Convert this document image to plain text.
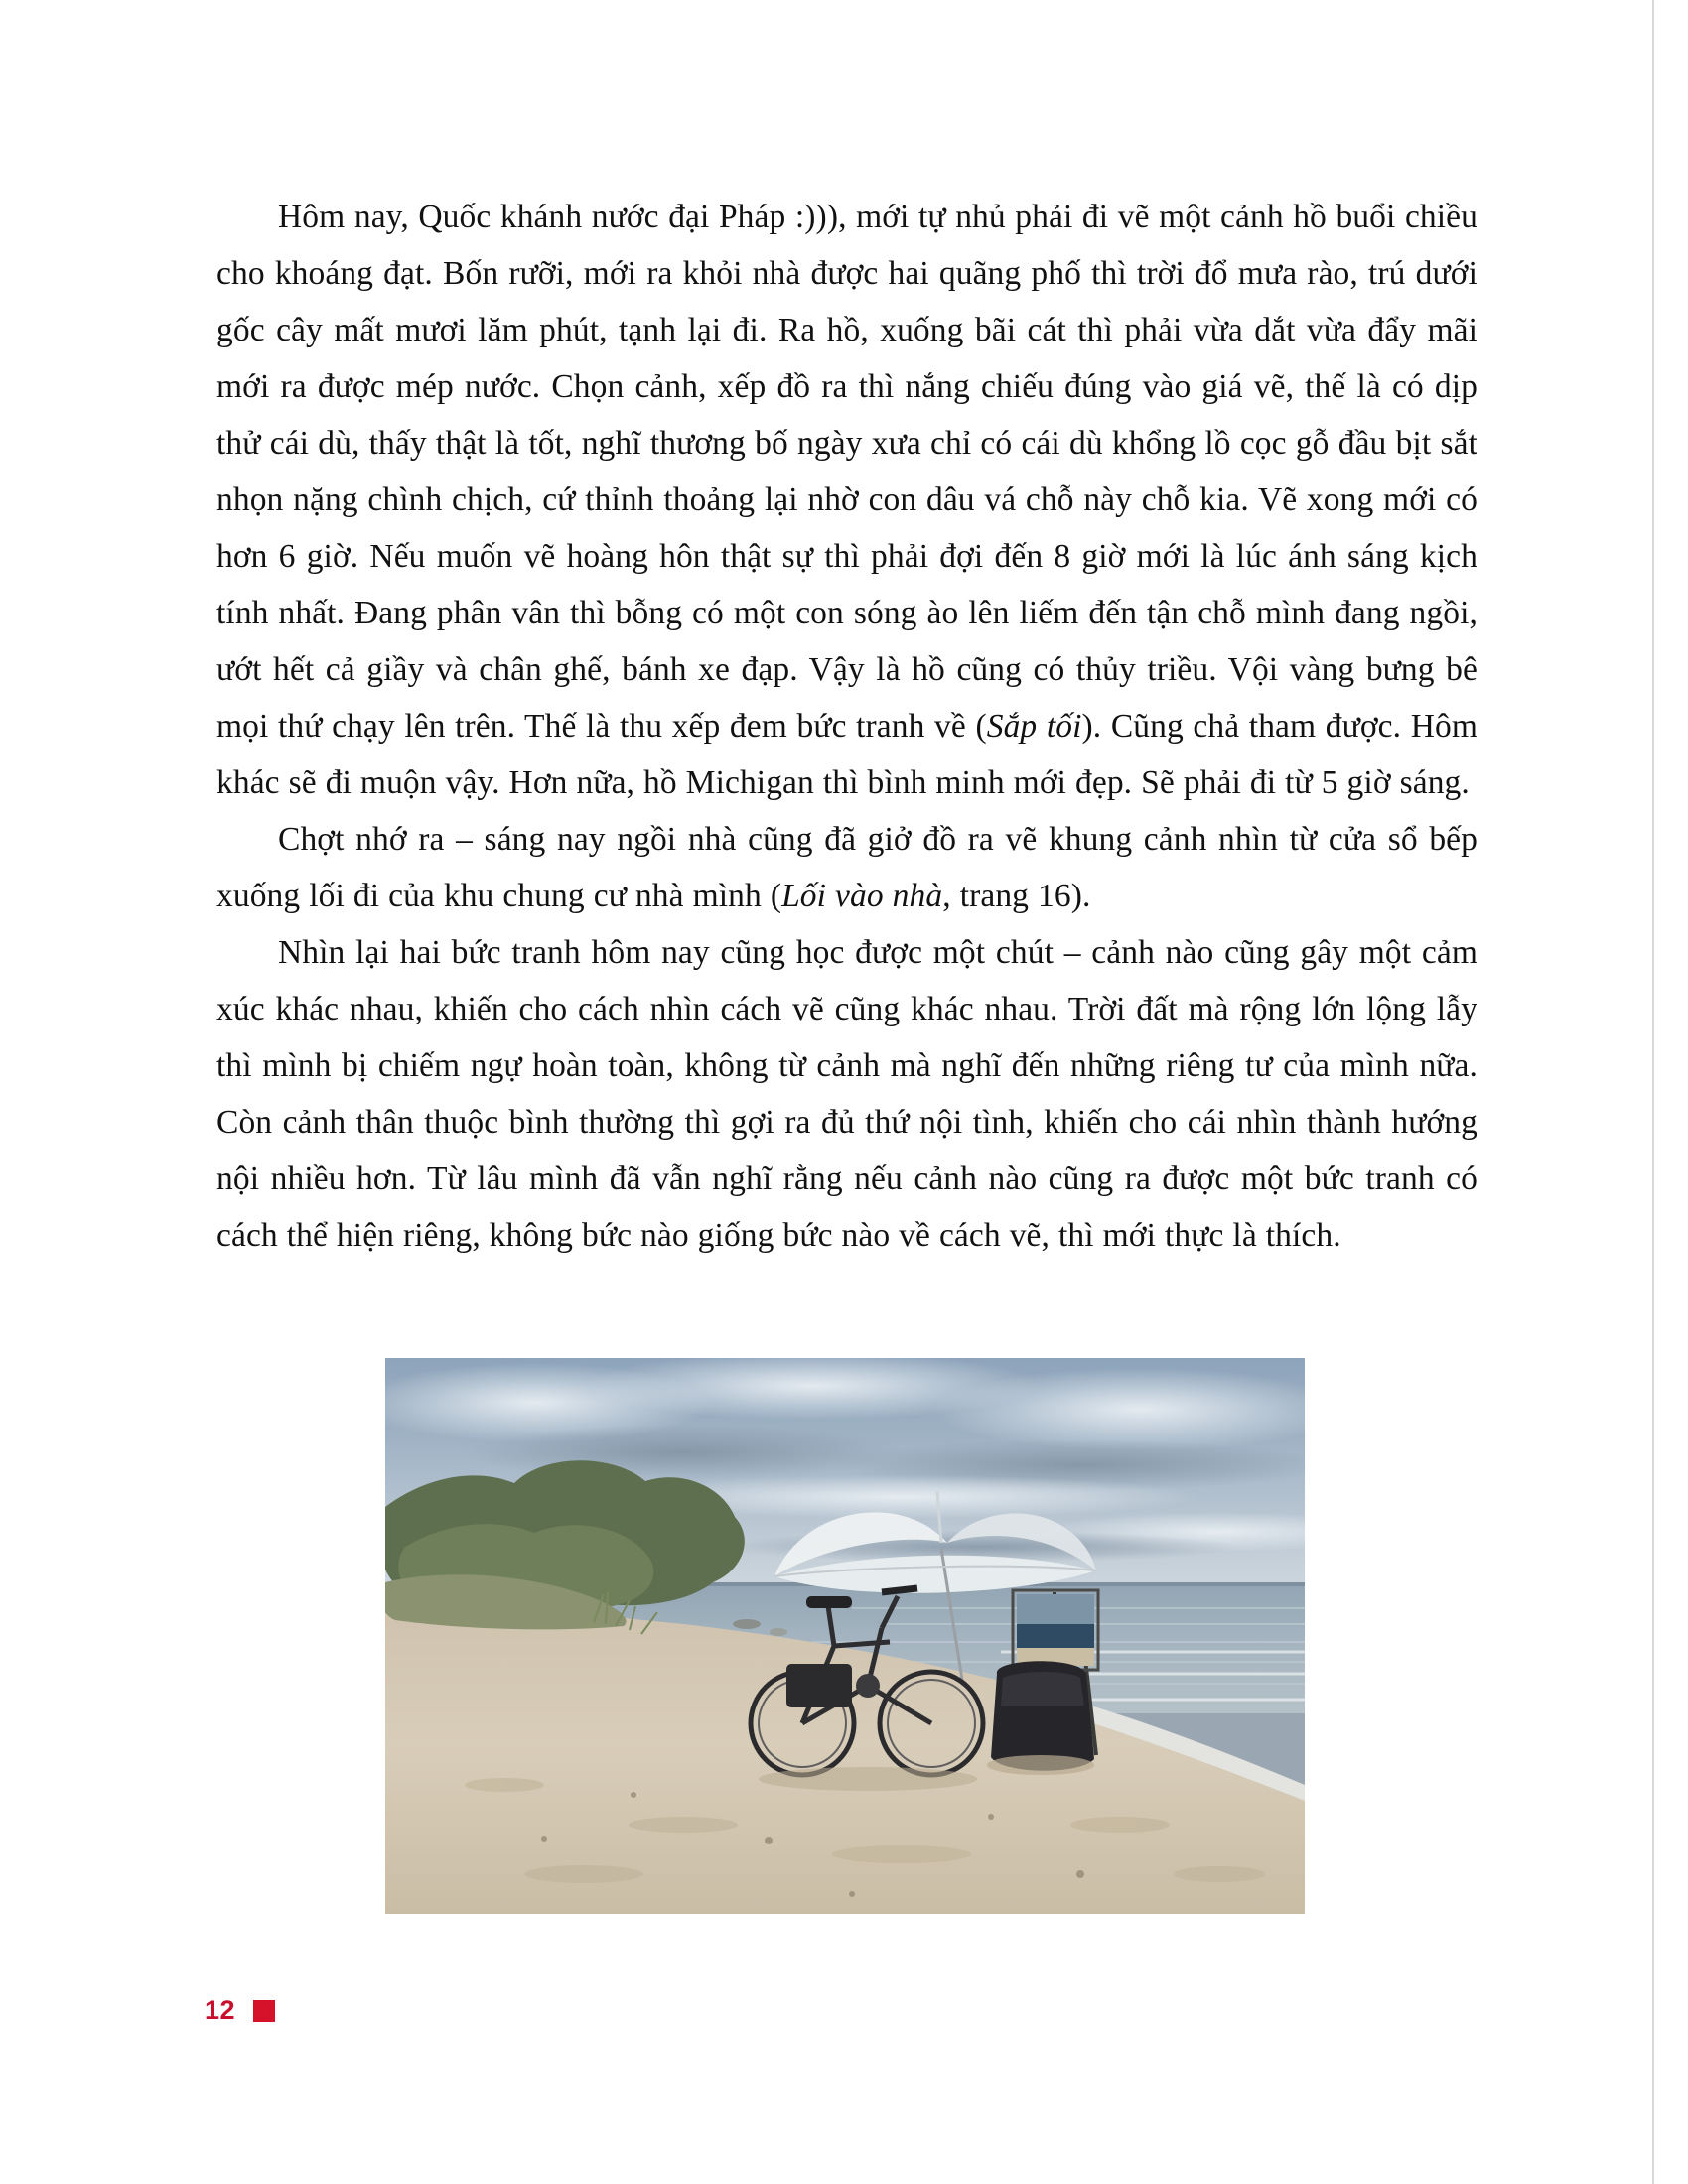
Hôm nay, Quốc khánh nước đại Pháp :))), mới tự nhủ phải đi vẽ một cảnh hồ buổi chiều cho khoáng đạt. Bốn rưỡi, mới ra khỏi nhà được hai quãng phố thì trời đổ mưa rào, trú dưới gốc cây mất mươi lăm phút, tạnh lại đi. Ra hồ, xuống bãi cát thì phải vừa dắt vừa đẩy mãi mới ra được mép nước. Chọn cảnh, xếp đồ ra thì nắng chiếu đúng vào giá vẽ, thế là có dịp thử cái dù, thấy thật là tốt, nghĩ thương bố ngày xưa chỉ có cái dù khổng lồ cọc gỗ đầu bịt sắt nhọn nặng chình chịch, cứ thỉnh thoảng lại nhờ con dâu vá chỗ này chỗ kia. Vẽ xong mới có hơn 6 giờ. Nếu muốn vẽ hoàng hôn thật sự thì phải đợi đến 8 giờ mới là lúc ánh sáng kịch tính nhất. Đang phân vân thì bỗng có một con sóng ào lên liếm đến tận chỗ mình đang ngồi, ướt hết cả giầy và chân ghế, bánh xe đạp. Vậy là hồ cũng có thủy triều. Vội vàng bưng bê mọi thứ chạy lên trên. Thế là thu xếp đem bức tranh về (Sắp tối). Cũng chả tham được. Hôm khác sẽ đi muộn vậy. Hơn nữa, hồ Michigan thì bình minh mới đẹp. Sẽ phải đi từ 5 giờ sáng.

Chợt nhớ ra – sáng nay ngồi nhà cũng đã giở đồ ra vẽ khung cảnh nhìn từ cửa sổ bếp xuống lối đi của khu chung cư nhà mình (Lối vào nhà, trang 16).

Nhìn lại hai bức tranh hôm nay cũng học được một chút – cảnh nào cũng gây một cảm xúc khác nhau, khiến cho cách nhìn cách vẽ cũng khác nhau. Trời đất mà rộng lớn lộng lẫy thì mình bị chiếm ngự hoàn toàn, không từ cảnh mà nghĩ đến những riêng tư của mình nữa. Còn cảnh thân thuộc bình thường thì gợi ra đủ thứ nội tình, khiến cho cái nhìn thành hướng nội nhiều hơn. Từ lâu mình đã vẫn nghĩ rằng nếu cảnh nào cũng ra được một bức tranh có cách thể hiện riêng, không bức nào giống bức nào về cách vẽ, thì mới thực là thích.

12
